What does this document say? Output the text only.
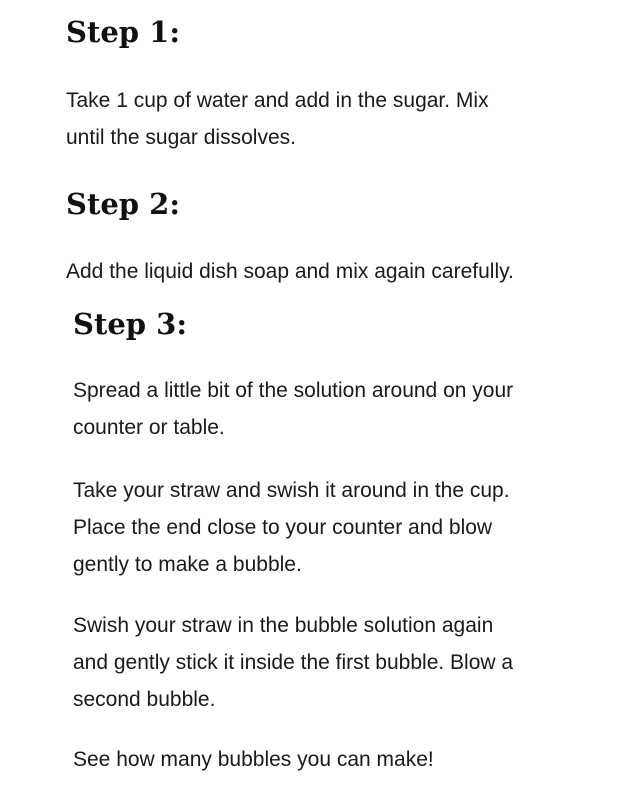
Step 1:

Take 1 cup of water and add in the sugar. Mix
until the sugar dissolves.

Step 2:

Add the liquid dish soap and mix again carefully.

Step 3:

Spread a little bit of the solution around on your
counter or table.

Take your straw and swish it around in the cup.
Place the end close to your counter and blow
gently to make a bubble.

Swish your straw in the bubble solution again
and gently stick it inside the first bubble. Blow a
second bubble.

See how many bubbles you can make!
